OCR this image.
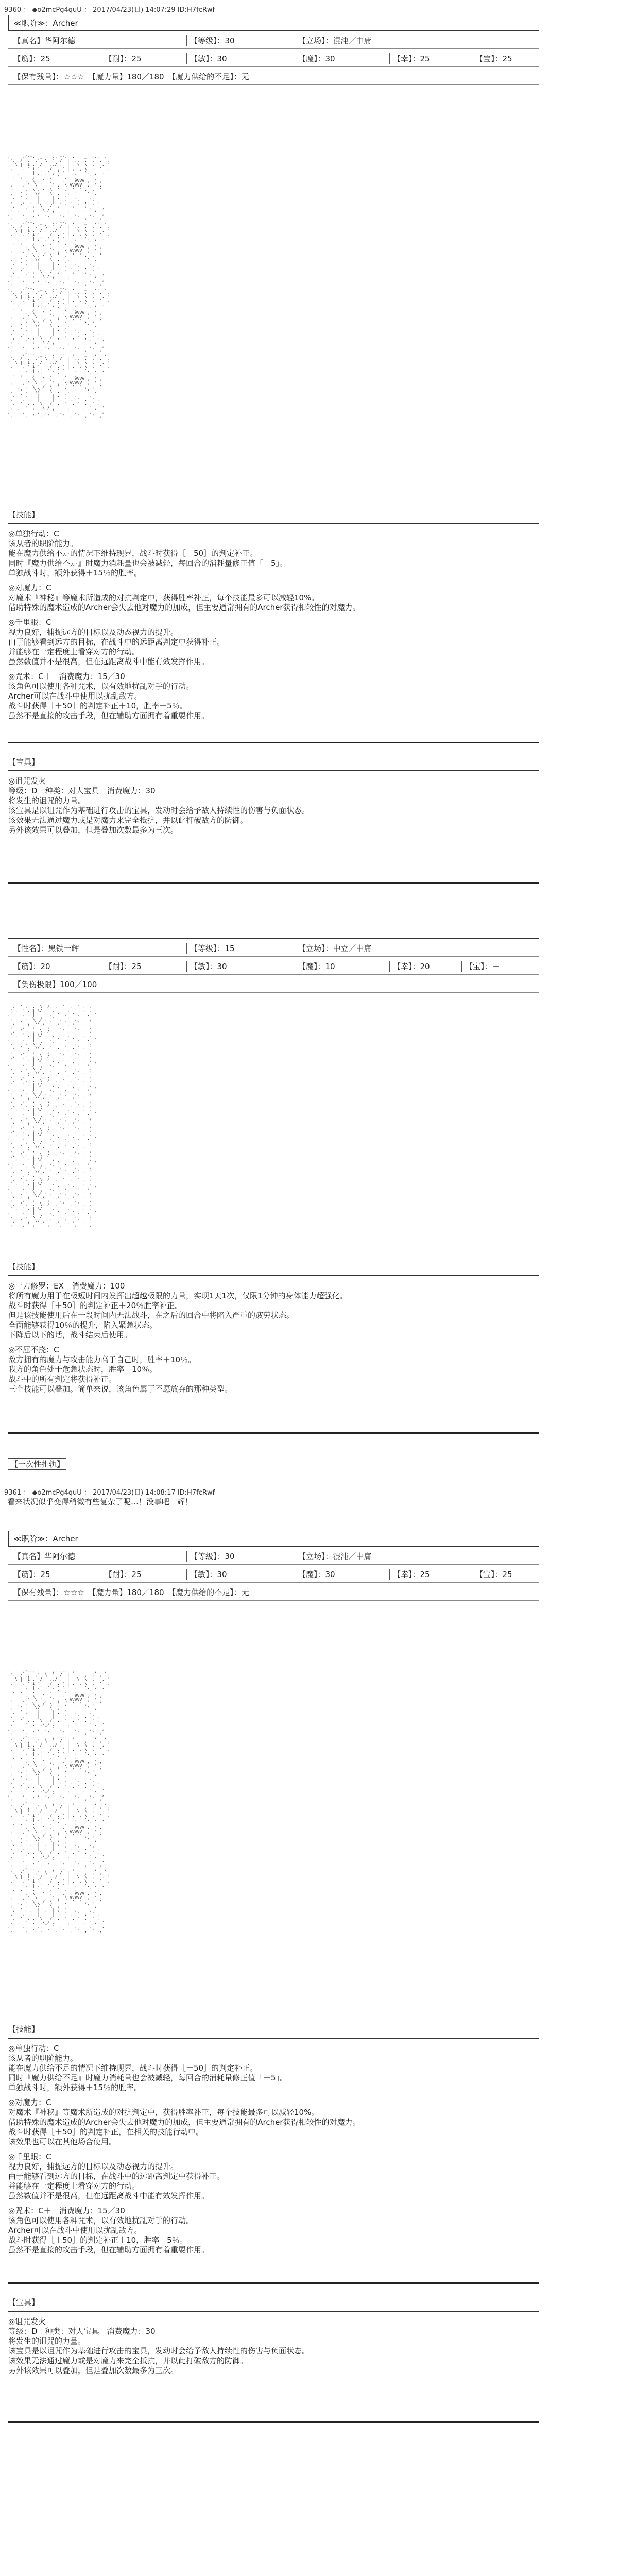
9360 ： ◆o2mcPg4quU ： 2017/04/23(日) 14:07:29 ID:H7fcRwf
≪职阶≫：Archer
【真名】华阿尔德	【等级】：30	【立场】：混沌／中庸
【筋】：25	【耐】：25	【敏】：30	【魔】：30	【幸】：25	【宝】：25
【保有残量】：☆☆☆　【魔力量】180／180　【魔力供给的不足】：无
.     ,r--.  _ ,  ,. --.  ,    _   ,.  ,  .
'.  /  ,  ,'  \  '  /  |  ..  ,  ,  ,  , '
\ |  i .  /   ../ .  |   \  \  , ' . '
,  ' . ' i '  ' /  , ' | ,  , \  .  '  ,
,  .  | ,' ,' , ' ' '| ,   '.  ,  .
.  ,   |,  ' ' ,  '  ,   ,  '  '  ,
,  \   '  ,   '.  , VVVV ,  ' ,
,  . , '  \ ' ,  ' ,  \ VVVVV  ,  ' .
,  ,  \ , /  \  '  ,  '  ' ,  ,  '
,   ' ,   \/    \  ,   ,  '  ' '  ,
,  ' . ,  |  ,  | ,  '   ,  '  ,  '
,  ' ,  ,  |  ,  |  , ' ,  '  ,  ' ,
,  '  . ,  \   /  ,  '  , '  ,  ' ,
,  ,  '  ,  ,\_/ ,  '  ,  '  ,  ' ,  '
,  '  ,  '  ,  ,  '  ,  '  ,  '  ,  ' ,
,  '  ,  '  ,  '  ,  '  ,  '  ,  '  ,
.     ,r--.  _ ,  ,. --.  ,    _   ,.  ,  .
'.  /  ,  ,'  \  '  /  |  ..  ,  ,  ,  , '
\ |  i .  /   ../ .  |   \  \  , ' . '
,  ' . ' i '  ' /  , ' | ,  , \  .  '  ,
,  .  | ,' ,' , ' ' '| ,   '.  ,  .
.  ,   |,  ' ' ,  '  ,   ,  '  '  ,
,  \   '  ,   '.  , VVVV ,  ' ,
,  . , '  \ ' ,  ' ,  \ VVVVV  ,  ' .
,  ,  \ , /  \  '  ,  '  ' ,  ,  '
,   ' ,   \/    \  ,   ,  '  ' '  ,
,  ' . ,  |  ,  | ,  '   ,  '  ,  '
,  ' ,  ,  |  ,  |  , ' ,  '  ,  ' ,
,  '  . ,  \   /  ,  '  , '  ,  ' ,
,  ,  '  ,  ,\_/ ,  '  ,  '  ,  ' ,  '
,  '  ,  '  ,  ,  '  ,  '  ,  '  ,  ' ,
,  '  ,  '  ,  '  ,  '  ,  '  ,  '  ,
.     ,r--.  _ ,  ,. --.  ,    _   ,.  ,  .
'.  /  ,  ,'  \  '  /  |  ..  ,  ,  ,  , '
\ |  i .  /   ../ .  |   \  \  , ' . '
,  ' . ' i '  ' /  , ' | ,  , \  .  '  ,
,  .  | ,' ,' , ' ' '| ,   '.  ,  .
.  ,   |,  ' ' ,  '  ,   ,  '  '  ,
,  \   '  ,   '.  , VVVV ,  ' ,
,  . , '  \ ' ,  ' ,  \ VVVVV  ,  ' .
,  ,  \ , /  \  '  ,  '  ' ,  ,  '
,   ' ,   \/    \  ,   ,  '  ' '  ,
,  ' . ,  |  ,  | ,  '   ,  '  ,  '
,  ' ,  ,  |  ,  |  , ' ,  '  ,  ' ,
,  '  . ,  \   /  ,  '  , '  ,  ' ,
,  ,  '  ,  ,\_/ ,  '  ,  '  ,  ' ,  '
,  '  ,  '  ,  ,  '  ,  '  ,  '  ,  ' ,
,  '  ,  '  ,  '  ,  '  ,  '  ,  '  ,
.     ,r--.  _ ,  ,. --.  ,    _   ,.  ,  .
'.  /  ,  ,'  \  '  /  |  ..  ,  ,  ,  , '
\ |  i .  /   ../ .  |   \  \  , ' . '
,  ' . ' i '  ' /  , ' | ,  , \  .  '  ,
,  .  | ,' ,' , ' ' '| ,   '.  ,  .
.  ,   |,  ' ' ,  '  ,   ,  '  '  ,
,  \   '  ,   '.  , VVVV ,  ' ,
,  . , '  \ ' ,  ' ,  \ VVVVV  ,  ' .
,  ,  \ , /  \  '  ,  '  ' ,  ,  '
,   ' ,   \/    \  ,   ,  '  ' '  ,
,  ' . ,  |  ,  | ,  '   ,  '  ,  '
,  ' ,  ,  |  ,  |  , ' ,  '  ,  ' ,
,  '  . ,  \   /  ,  '  , '  ,  ' ,
,  ,  '  ,  ,\_/ ,  '  ,  '  ,  ' ,  '
,  '  ,  '  ,  ,  '  ,  '  ,  '  ,  ' ,
,  '  ,  '  ,  '  ,  '  ,  '  ,  '  ,
【技能】

◎ 单独行动：C

该从者的职阶能力。

能在魔力供给不足的情况下维持现界，战斗时获得［＋50］的判定补正。

同时『魔力供给不足』时魔力消耗量也会被减轻，每回合的消耗量修正值「－5」。

单独战斗时，额外获得＋15％的胜率。

◎ 对魔力：C

对魔术『神秘』等魔术所造成的对抗判定中，获得胜率补正，每个技能最多可以减轻10%。

借助特殊的魔术造成的Archer会失去他对魔力的加成，但主要通常拥有的Archer获得相较性的对魔力。

◎ 千里眼：C

视力良好，捕捉远方的目标以及动态视力的提升。

由于能够看到远方的目标，在战斗中的远距离判定中获得补正。

并能够在一定程度上看穿对方的行动。

虽然数值并不是很高，但在远距离战斗中能有效发挥作用。

◎ 咒术：C＋　消费魔力：15／30

该角色可以使用各种咒术，以有效地扰乱对手的行动。

Archer可以在战斗中使用以扰乱敌方。

战斗时获得［＋50］的判定补正＋10，胜率＋5％。

虽然不是直接的攻击手段，但在辅助方面拥有着重要作用。

【宝具】

◎ 诅咒发火

等级：D　种类：对人宝具　消费魔力：30

将发生的诅咒的力量。

该宝具是以诅咒作为基础进行攻击的宝具，发动时会给予敌人持续性的伤害与负面状态。

该效果无法通过魔力或是对魔力来完全抵抗，并以此打破敌方的防御。

另外该效果可以叠加，但是叠加次数最多为三次。

【性名】：黑铁一辉	【等级】：15	【立场】：中立／中庸
【筋】：20	【耐】：25	【敏】：30	【魔】：10	【幸】：20	【宝】：－
【负伤极限】100／100
,  ' .  ,  \  /  ,  '  ,  ' .  ,  '
' ,  ' . | \/ |  ,  '  ,  '  .  ,
,  '  ,  '|    | ,  '  ,  ' , ' ,  '
,  '  ,  \  / ,  '  ,  '  ,  '  ,
,  '  ,  \/ ,  '  ,  '  , ' ,  '
,  ' , ' ,  '  ,  ' ,  '  ,  '  ,
,  ' .  ,  \  /  ,  '  ,  ' .  ,  '
' ,  ' . | \/ |  ,  '  ,  '  .  ,
,  '  ,  '|    | ,  '  ,  ' , ' ,  '
,  '  ,  \  / ,  '  ,  '  ,  '  ,
,  '  ,  \/ ,  '  ,  '  , ' ,  '
,  ' , ' ,  '  ,  ' ,  '  ,  '  ,
,  ' .  ,  \  /  ,  '  ,  ' .  ,  '
' ,  ' . | \/ |  ,  '  ,  '  .  ,
,  '  ,  '|    | ,  '  ,  ' , ' ,  '
,  '  ,  \  / ,  '  ,  '  ,  '  ,
,  '  ,  \/ ,  '  ,  '  , ' ,  '
,  ' , ' ,  '  ,  ' ,  '  ,  '  ,
,  ' .  ,  \  /  ,  '  ,  ' .  ,  '
' ,  ' . | \/ |  ,  '  ,  '  .  ,
,  '  ,  '|    | ,  '  ,  ' , ' ,  '
,  '  ,  \  / ,  '  ,  '  ,  '  ,
,  '  ,  \/ ,  '  ,  '  , ' ,  '
,  ' , ' ,  '  ,  ' ,  '  ,  '  ,
,  ' .  ,  \  /  ,  '  ,  ' .  ,  '
' ,  ' . | \/ |  ,  '  ,  '  .  ,
,  '  ,  '|    | ,  '  ,  ' , ' ,  '
,  '  ,  \  / ,  '  ,  '  ,  '  ,
,  '  ,  \/ ,  '  ,  '  , ' ,  '
,  ' , ' ,  '  ,  ' ,  '  ,  '  ,
,  ' .  ,  \  /  ,  '  ,  ' .  ,  '
' ,  ' . | \/ |  ,  '  ,  '  .  ,
,  '  ,  '|    | ,  '  ,  ' , ' ,  '
,  '  ,  \  / ,  '  ,  '  ,  '  ,
,  '  ,  \/ ,  '  ,  '  , ' ,  '
,  ' , ' ,  '  ,  ' ,  '  ,  '  ,
,  ' .  ,  \  /  ,  '  ,  ' .  ,  '
' ,  ' . | \/ |  ,  '  ,  '  .  ,
,  '  ,  '|    | ,  '  ,  ' , ' ,  '
,  '  ,  \  / ,  '  ,  '  ,  '  ,
,  '  ,  \/ ,  '  ,  '  , ' ,  '
,  ' , ' ,  '  ,  ' ,  '  ,  '  ,
,  ' .  ,  \  /  ,  '  ,  ' .  ,  '
' ,  ' . | \/ |  ,  '  ,  '  .  ,
,  '  ,  '|    | ,  '  ,  ' , ' ,  '
,  '  ,  \  / ,  '  ,  '  ,  '  ,
,  '  ,  \/ ,  '  ,  '  , ' ,  '
,  ' , ' ,  '  ,  ' ,  '  ,  '  ,
,  ' .  ,  \  /  ,  '  ,  ' .  ,  '
' ,  ' . | \/ |  ,  '  ,  '  .  ,
,  '  ,  '|    | ,  '  ,  ' , ' ,  '
,  '  ,  \  / ,  '  ,  '  ,  '  ,
,  '  ,  \/ ,  '  ,  '  , ' ,  '
,  ' , ' ,  '  ,  ' ,  '  ,  '  ,
【技能】

◎ 一刀修罗：EX　消费魔力：100

将所有魔力用于在极短时间内发挥出超越极限的力量，实现1天1次，仅限1分钟的身体能力超强化。

战斗时获得［＋50］的判定补正＋20％胜率补正。

但是该技能使用后在一段时间内无法战斗，在之后的回合中将陷入严重的疲劳状态。

全面能够获得10％的提升，陷入紧急状态。

下降后以下的话，战斗结束后使用。

◎ 不屈不挠：C

敌方拥有的魔力与攻击能力高于自己时，胜率＋10％。

我方的角色处于危急状态时，胜率＋10％。

战斗中的所有判定将获得补正。

三个技能可以叠加。简单来说，该角色属于不愿放弃的那种类型。

【一次性扎轨】
9361 ： ◆o2mcPg4quU ： 2017/04/23(日) 14:08:17 ID:H7fcRwf
看来状况似乎变得稍微有些复杂了呢…！没事吧一辉！
≪职阶≫：Archer
【真名】华阿尔德	【等级】：30	【立场】：混沌／中庸
【筋】：25	【耐】：25	【敏】：30	【魔】：30	【幸】：25	【宝】：25
【保有残量】：☆☆☆　【魔力量】180／180　【魔力供给的不足】：无
.     ,r--.  _ ,  ,. --.  ,    _   ,.  ,  .
'.  /  ,  ,'  \  '  /  |  ..  ,  ,  ,  , '
\ |  i .  /   ../ .  |   \  \  , ' . '
,  ' . ' i '  ' /  , ' | ,  , \  .  '  ,
,  .  | ,' ,' , ' ' '| ,   '.  ,  .
.  ,   |,  ' ' ,  '  ,   ,  '  '  ,
,  \   '  ,   '.  , VVVV ,  ' ,
,  . , '  \ ' ,  ' ,  \ VVVVV  ,  ' .
,  ,  \ , /  \  '  ,  '  ' ,  ,  '
,   ' ,   \/    \  ,   ,  '  ' '  ,
,  ' . ,  |  ,  | ,  '   ,  '  ,  '
,  ' ,  ,  |  ,  |  , ' ,  '  ,  ' ,
,  '  . ,  \   /  ,  '  , '  ,  ' ,
,  ,  '  ,  ,\_/ ,  '  ,  '  ,  ' ,  '
,  '  ,  '  ,  ,  '  ,  '  ,  '  ,  ' ,
,  '  ,  '  ,  '  ,  '  ,  '  ,  '  ,
.     ,r--.  _ ,  ,. --.  ,    _   ,.  ,  .
'.  /  ,  ,'  \  '  /  |  ..  ,  ,  ,  , '
\ |  i .  /   ../ .  |   \  \  , ' . '
,  ' . ' i '  ' /  , ' | ,  , \  .  '  ,
,  .  | ,' ,' , ' ' '| ,   '.  ,  .
.  ,   |,  ' ' ,  '  ,   ,  '  '  ,
,  \   '  ,   '.  , VVVV ,  ' ,
,  . , '  \ ' ,  ' ,  \ VVVVV  ,  ' .
,  ,  \ , /  \  '  ,  '  ' ,  ,  '
,   ' ,   \/    \  ,   ,  '  ' '  ,
,  ' . ,  |  ,  | ,  '   ,  '  ,  '
,  ' ,  ,  |  ,  |  , ' ,  '  ,  ' ,
,  '  . ,  \   /  ,  '  , '  ,  ' ,
,  ,  '  ,  ,\_/ ,  '  ,  '  ,  ' ,  '
,  '  ,  '  ,  ,  '  ,  '  ,  '  ,  ' ,
,  '  ,  '  ,  '  ,  '  ,  '  ,  '  ,
.     ,r--.  _ ,  ,. --.  ,    _   ,.  ,  .
'.  /  ,  ,'  \  '  /  |  ..  ,  ,  ,  , '
\ |  i .  /   ../ .  |   \  \  , ' . '
,  ' . ' i '  ' /  , ' | ,  , \  .  '  ,
,  .  | ,' ,' , ' ' '| ,   '.  ,  .
.  ,   |,  ' ' ,  '  ,   ,  '  '  ,
,  \   '  ,   '.  , VVVV ,  ' ,
,  . , '  \ ' ,  ' ,  \ VVVVV  ,  ' .
,  ,  \ , /  \  '  ,  '  ' ,  ,  '
,   ' ,   \/    \  ,   ,  '  ' '  ,
,  ' . ,  |  ,  | ,  '   ,  '  ,  '
,  ' ,  ,  |  ,  |  , ' ,  '  ,  ' ,
,  '  . ,  \   /  ,  '  , '  ,  ' ,
,  ,  '  ,  ,\_/ ,  '  ,  '  ,  ' ,  '
,  '  ,  '  ,  ,  '  ,  '  ,  '  ,  ' ,
,  '  ,  '  ,  '  ,  '  ,  '  ,  '  ,
.     ,r--.  _ ,  ,. --.  ,    _   ,.  ,  .
'.  /  ,  ,'  \  '  /  |  ..  ,  ,  ,  , '
\ |  i .  /   ../ .  |   \  \  , ' . '
,  ' . ' i '  ' /  , ' | ,  , \  .  '  ,
,  .  | ,' ,' , ' ' '| ,   '.  ,  .
.  ,   |,  ' ' ,  '  ,   ,  '  '  ,
,  \   '  ,   '.  , VVVV ,  ' ,
,  . , '  \ ' ,  ' ,  \ VVVVV  ,  ' .
,  ,  \ , /  \  '  ,  '  ' ,  ,  '
,   ' ,   \/    \  ,   ,  '  ' '  ,
,  ' . ,  |  ,  | ,  '   ,  '  ,  '
,  ' ,  ,  |  ,  |  , ' ,  '  ,  ' ,
,  '  . ,  \   /  ,  '  , '  ,  ' ,
,  ,  '  ,  ,\_/ ,  '  ,  '  ,  ' ,  '
,  '  ,  '  ,  ,  '  ,  '  ,  '  ,  ' ,
,  '  ,  '  ,  '  ,  '  ,  '  ,  '  ,
【技能】

◎ 单独行动：C

该从者的职阶能力。

能在魔力供给不足的情况下维持现界，战斗时获得［＋50］的判定补正。

同时『魔力供给不足』时魔力消耗量也会被减轻，每回合的消耗量修正值「－5」。

单独战斗时，额外获得＋15％的胜率。

◎ 对魔力：C

对魔术『神秘』等魔术所造成的对抗判定中，获得胜率补正，每个技能最多可以减轻10%。

借助特殊的魔术造成的Archer会失去他对魔力的加成，但主要通常拥有的Archer获得相较性的对魔力。

战斗时获得［＋50］的判定补正，在相关的技能行动中。

该效果也可以在其他场合使用。

◎ 千里眼：C

视力良好，捕捉远方的目标以及动态视力的提升。

由于能够看到远方的目标，在战斗中的远距离判定中获得补正。

并能够在一定程度上看穿对方的行动。

虽然数值并不是很高，但在远距离战斗中能有效发挥作用。

◎ 咒术：C＋　消费魔力：15／30

该角色可以使用各种咒术，以有效地扰乱对手的行动。

Archer可以在战斗中使用以扰乱敌方。

战斗时获得［＋50］的判定补正＋10，胜率＋5％。

虽然不是直接的攻击手段，但在辅助方面拥有着重要作用。

【宝具】

◎ 诅咒发火

等级：D　种类：对人宝具　消费魔力：30

将发生的诅咒的力量。

该宝具是以诅咒作为基础进行攻击的宝具，发动时会给予敌人持续性的伤害与负面状态。

该效果无法通过魔力或是对魔力来完全抵抗，并以此打破敌方的防御。

另外该效果可以叠加，但是叠加次数最多为三次。
